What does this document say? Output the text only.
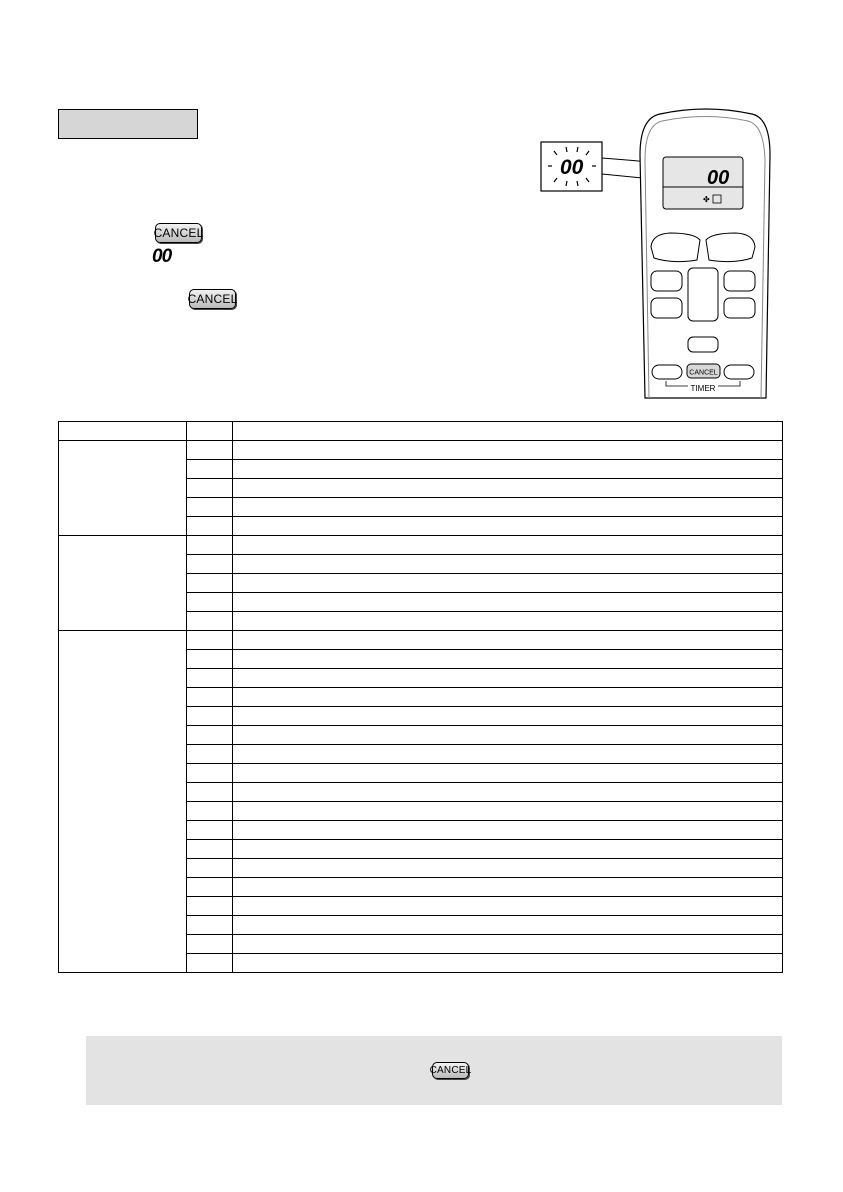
CANCEL
00
CANCEL
00	00
✤
CANCEL
TIMER

CANCEL
